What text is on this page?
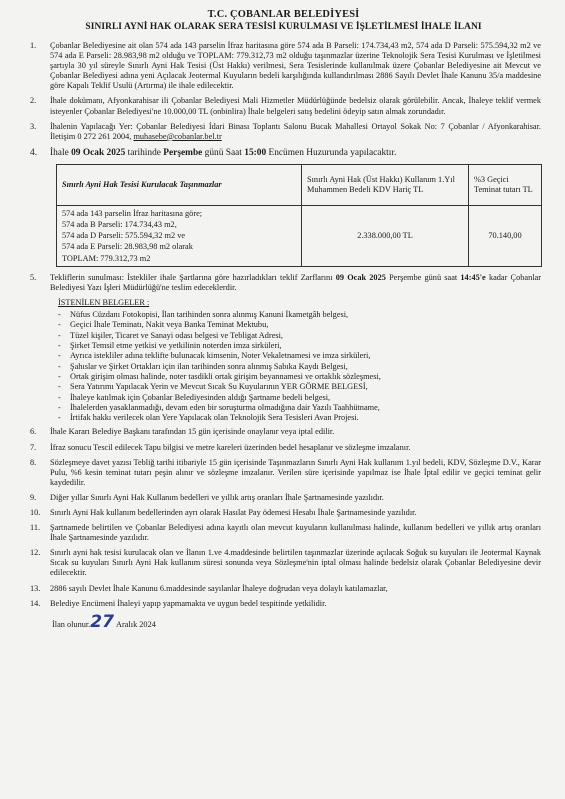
T.C. ÇOBANLAR BELEDİYESİ
SINIRLI AYNİ HAK OLARAK SERA TESİSİ KURULMASI VE İŞLETİLMESİ İHALE İLANI
1.	Çobanlar Belediyesine ait olan 574 ada 143 parselin İfraz haritasına göre 574 ada B Parseli: 174.734,43 m2, 574 ada D Parseli: 575.594,32 m2 ve 574 ada E Parseli: 28.983,98 m2 olduğu ve TOPLAM: 779.312,73 m2 olduğu taşınmazlar üzerine Teknolojik Sera Tesisi Kurulması ve İşletilmesi şartıyla 30 yıl süreyle Sınırlı Ayni Hak Tesisi (Üst Hakkı) verilmesi, Sera Tesislerinde kullanılmak üzere Çobanlar Belediyesine ait Mevcut ve Çobanlar Belediyesi adına yeni Açılacak Jeotermal Kuyuların bedeli karşılığında kullandırılması 2886 Sayılı Devlet İhale Kanunu 35/a maddesine göre Kapalı Teklif Usulü (Artırma) ile ihale edilecektir.
2.	İhale dokümanı, Afyonkarahisar ili Çobanlar Belediyesi Mali Hizmetler Müdürlüğünde bedelsiz olarak görülebilir. Ancak, İhaleye teklif vermek isteyenler Çobanlar Belediyesi'ne 10.000,00 TL (onbinlira) İhale belgeleri satış bedelini ödeyip satın almak zorundadır.
3.	İhalenin Yapılacağı Yer: Çobanlar Belediyesi İdari Binası Toplantı Salonu Bucak Mahallesi Ortayol Sokak No: 7 Çobanlar / Afyonkarahisar. İletişim 0 272 261 2004, muhasebe@cobanlar.bel.tr
4.	İhale 09 Ocak 2025 tarihinde Perşembe günü Saat 15:00 Encümen Huzurunda yapılacaktır.
Sınırlı Ayni Hak Tesisi Kurulacak Taşınmazlar	Sınırlı Ayni Hak (Üst Hakkı) Kullanım 1.Yıl Muhammen Bedeli KDV Hariç TL	%3 Geçici Teminat tutarı TL

574 ada 143 parselin İfraz haritasına göre;
574 ada B Parseli: 174.734,43 m2,
574 ada D Parseli: 575.594,32 m2 ve
574 ada E Parseli: 28.983,98 m2 olarak
TOPLAM: 779.312,73 m2	2.338.000,00 TL	70.140,00
5.	Tekliflerin sunulması: İstekliler ihale Şartlarına göre hazırladıkları teklif Zarflarını 09 Ocak 2025 Perşembe günü saat 14:45'e kadar Çobanlar Belediyesi Yazı İşleri Müdürlüğü'ne teslim edeceklerdir.
İSTENİLEN BELGELER :
- Nüfus Cüzdanı Fotokopisi, İlan tarihinden sonra alınmış Kanuni İkametgâh belgesi,
- Geçici İhale Teminatı, Nakit veya Banka Teminat Mektubu,
- Tüzel kişiler, Ticaret ve Sanayi odası belgesi ve Tebligat Adresi,
- Şirket Temsil etme yetkisi ve yetkilinin noterden imza sirküleri,
- Ayrıca istekliler adına teklifte bulunacak kimsenin, Noter Vekaletnamesi ve imza sirküleri,
- Şahıslar ve Şirket Ortakları için ilan tarihinden sonra alınmış Sabıka Kaydı Belgesi,
- Ortak girişim olması halinde, noter tasdikli ortak girişim beyannamesi ve ortaklık sözleşmesi,
- Sera Yatırımı Yapılacak Yerin ve Mevcut Sıcak Su Kuyularının YER GÖRME BELGESİ,
- İhaleye katılmak için Çobanlar Belediyesinden aldığı Şartname bedeli belgesi,
- İhalelerden yasaklanmadığı, devam eden bir soruşturma olmadığına dair Yazılı Taahhütname,
- İrtifak hakkı verilecek olan Yere Yapılacak olan Teknolojik Sera Tesisleri Avan Projesi.
6.	İhale Kararı Belediye Başkanı tarafından 15 gün içerisinde onaylanır veya iptal edilir.
7.	İfraz sonucu Tescil edilecek Tapu bilgisi ve metre kareleri üzerinden bedel hesaplanır ve sözleşme imzalanır.
8.	Sözleşmeye davet yazısı Tebliğ tarihi itibariyle 15 gün içerisinde Taşınmazların Sınırlı Ayni Hak kullanım 1.yıl bedeli, KDV, Sözleşme D.V., Karar Pulu, %6 kesin teminat tutarı peşin alınır ve sözleşme imzalanır. Verilen süre içerisinde yapılmaz ise İhale İptal edilir ve geçici teminat gelir kaydedilir.
9.	Diğer yıllar Sınırlı Ayni Hak Kullanım bedelleri ve yıllık artış oranları İhale Şartnamesinde yazılıdır.
10.	Sınırlı Ayni Hak kullanım bedellerinden ayrı olarak Hasılat Pay ödemesi Hesabı İhale Şartnamesinde yazılıdır.
11.	Şartnamede belirtilen ve Çobanlar Belediyesi adına kayıtlı olan mevcut kuyuların kullanılması halinde, kullanım bedelleri ve yıllık artış oranları İhale Şartnamesinde yazılıdır.
12.	Sınırlı ayni hak tesisi kurulacak olan ve İlanın 1.ve 4.maddesinde belirtilen taşınmazlar üzerinde açılacak Soğuk su kuyuları ile Jeotermal Kaynak Sıcak su kuyuları Sınırlı Ayni Hak kullanım süresi sonunda veya Sözleşme'nin iptal olması halinde bedelsiz olarak Çobanlar Belediyesine devir edilecektir.
13.	2886 sayılı Devlet İhale Kanunu 6.maddesinde sayılanlar İhaleye doğrudan veya dolaylı katılamazlar,
14.	Belediye Encümeni İhaleyi yapıp yapmamakta ve uygun bedel tespitinde yetkilidir.
İlan olunur.27 Aralık 2024
